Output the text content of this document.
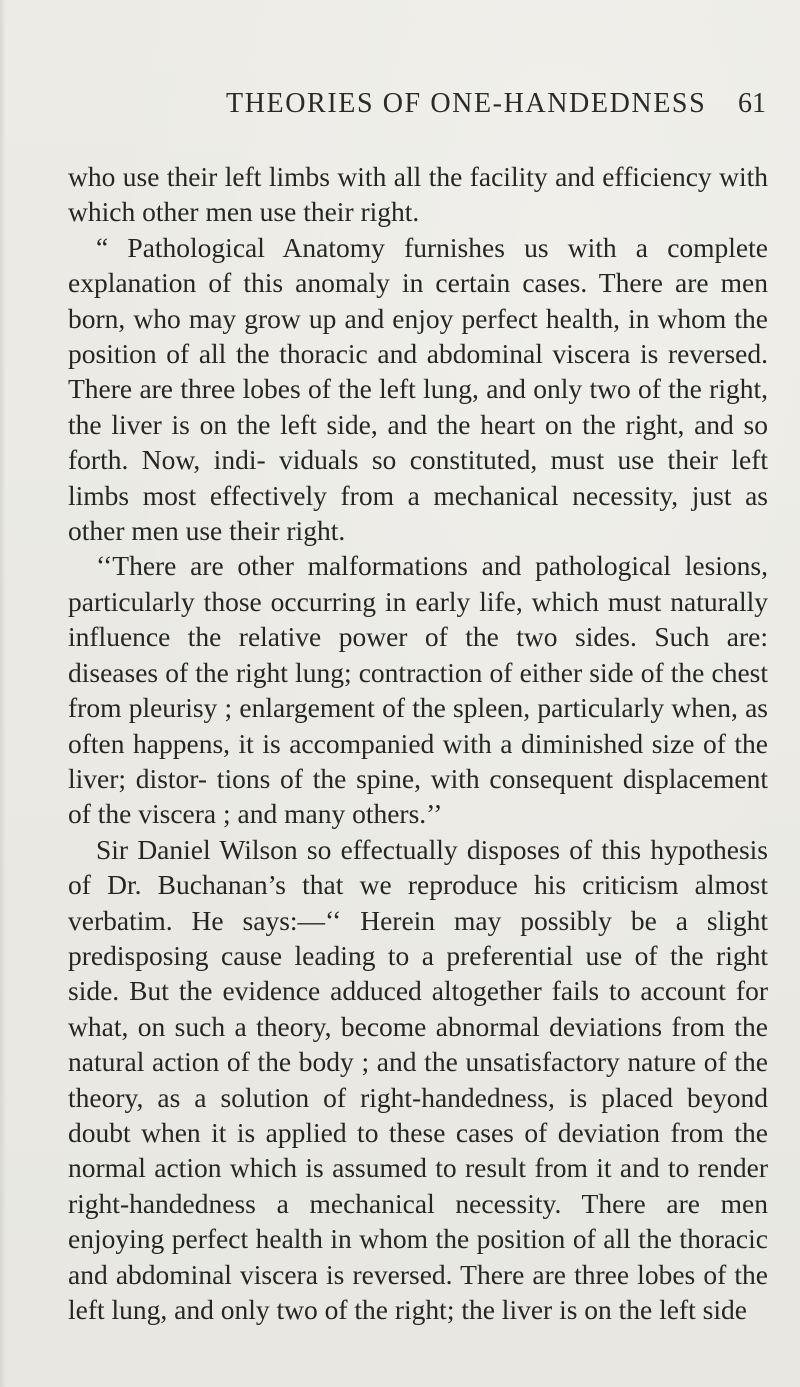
THEORIES OF ONE-HANDEDNESS 61

who use their left limbs with all the facility and efficiency with which other men use their right.

“ Pathological Anatomy furnishes us with a complete explanation of this anomaly in certain cases. There are men born, who may grow up and enjoy perfect health, in whom the position of all the thoracic and abdominal viscera is reversed. There are three lobes of the left lung, and only two of the right, the liver is on the left side, and the heart on the right, and so forth. Now, indi- viduals so constituted, must use their left limbs most effectively from a mechanical necessity, just as other men use their right.

‘‘There are other malformations and pathological lesions, particularly those occurring in early life, which must naturally influence the relative power of the two sides. Such are: diseases of the right lung; contraction of either side of the chest from pleurisy ; enlargement of the spleen, particularly when, as often happens, it is accompanied with a diminished size of the liver; distor- tions of the spine, with consequent displacement of the viscera ; and many others.’’

Sir Daniel Wilson so effectually disposes of this hypothesis of Dr. Buchanan’s that we reproduce his criticism almost verbatim. He says:—‘‘ Herein may possibly be a slight predisposing cause leading to a preferential use of the right side. But the evidence adduced altogether fails to account for what, on such a theory, become abnormal deviations from the natural action of the body ; and the unsatisfactory nature of the theory, as a solution of right-handedness, is placed beyond doubt when it is applied to these cases of deviation from the normal action which is assumed to result from it and to render right-handedness a mechanical necessity. There are men enjoying perfect health in whom the position of all the thoracic and abdominal viscera is reversed. There are three lobes of the left lung, and only two of the right; the liver is on the left side
